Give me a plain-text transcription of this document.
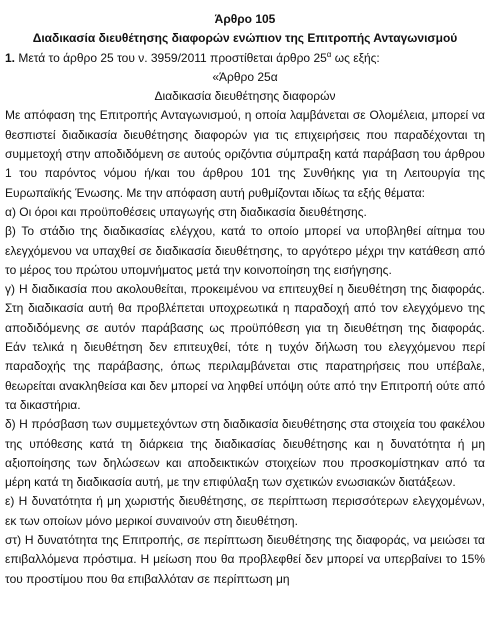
Άρθρο 105

Διαδικασία διευθέτησης διαφορών ενώπιον της Επιτροπής Ανταγωνισμού

1. Μετά το άρθρο 25 του ν. 3959/2011 προστίθεται άρθρο $25^\alpha$ ως εξής:

«Άρθρο 25α

Διαδικασία διευθέτησης διαφορών

Με απόφαση της Επιτροπής Ανταγωνισμού, η οποία λαμβάνεται σε Ολομέλεια, μπορεί να θεσπιστεί διαδικασία διευθέτησης διαφορών για τις επιχειρήσεις που παραδέχονται τη συμμετοχή στην αποδιδόμενη σε αυτούς οριζόντια σύμπραξη κατά παράβαση του άρθρου 1 του παρόντος νόμου ή/και του άρθρου 101 της Συνθήκης για τη Λειτουργία της Ευρωπαϊκής Ένωσης. Με την απόφαση αυτή ρυθμίζονται ιδίως τα εξής θέματα:

α) Οι όροι και προϋποθέσεις υπαγωγής στη διαδικασία διευθέτησης.

β) Το στάδιο της διαδικασίας ελέγχου, κατά το οποίο μπορεί να υποβληθεί αίτημα του ελεγχόμενου να υπαχθεί σε διαδικασία διευθέτησης, το αργότερο μέχρι την κατάθεση από το μέρος του πρώτου υπομνήματος μετά την κοινοποίηση της εισήγησης.

γ) Η διαδικασία που ακολουθείται, προκειμένου να επιτευχθεί η διευθέτηση της διαφοράς. Στη διαδικασία αυτή θα προβλέπεται υποχρεωτικά η παραδοχή από τον ελεγχόμενο της αποδιδόμενης σε αυτόν παράβασης ως προϋπόθεση για τη διευθέτηση της διαφοράς. Εάν τελικά η διευθέτηση δεν επιτευχθεί, τότε η τυχόν δήλωση του ελεγχόμενου περί παραδοχής της παράβασης, όπως περιλαμβάνεται στις παρατηρήσεις που υπέβαλε, θεωρείται ανακληθείσα και δεν μπορεί να ληφθεί υπόψη ούτε από την Επιτροπή ούτε από τα δικαστήρια.

δ) Η πρόσβαση των συμμετεχόντων στη διαδικασία διευθέτησης στα στοιχεία του φακέλου της υπόθεσης κατά τη διάρκεια της διαδικασίας διευθέτησης και η δυνατότητα ή μη αξιοποίησης των δηλώσεων και αποδεικτικών στοιχείων που προσκομίστηκαν από τα μέρη κατά τη διαδικασία αυτή, με την επιφύλαξη των σχετικών ενωσιακών διατάξεων.

ε) Η δυνατότητα ή μη χωριστής διευθέτησης, σε περίπτωση περισσότερων ελεγχομένων, εκ των οποίων μόνο μερικοί συναινούν στη διευθέτηση.

στ) Η δυνατότητα της Επιτροπής, σε περίπτωση διευθέτησης της διαφοράς, να μειώσει τα επιβαλλόμενα πρόστιμα. Η μείωση που θα προβλεφθεί δεν μπορεί να υπερβαίνει το 15% του προστίμου που θα επιβαλλόταν σε περίπτωση μη
